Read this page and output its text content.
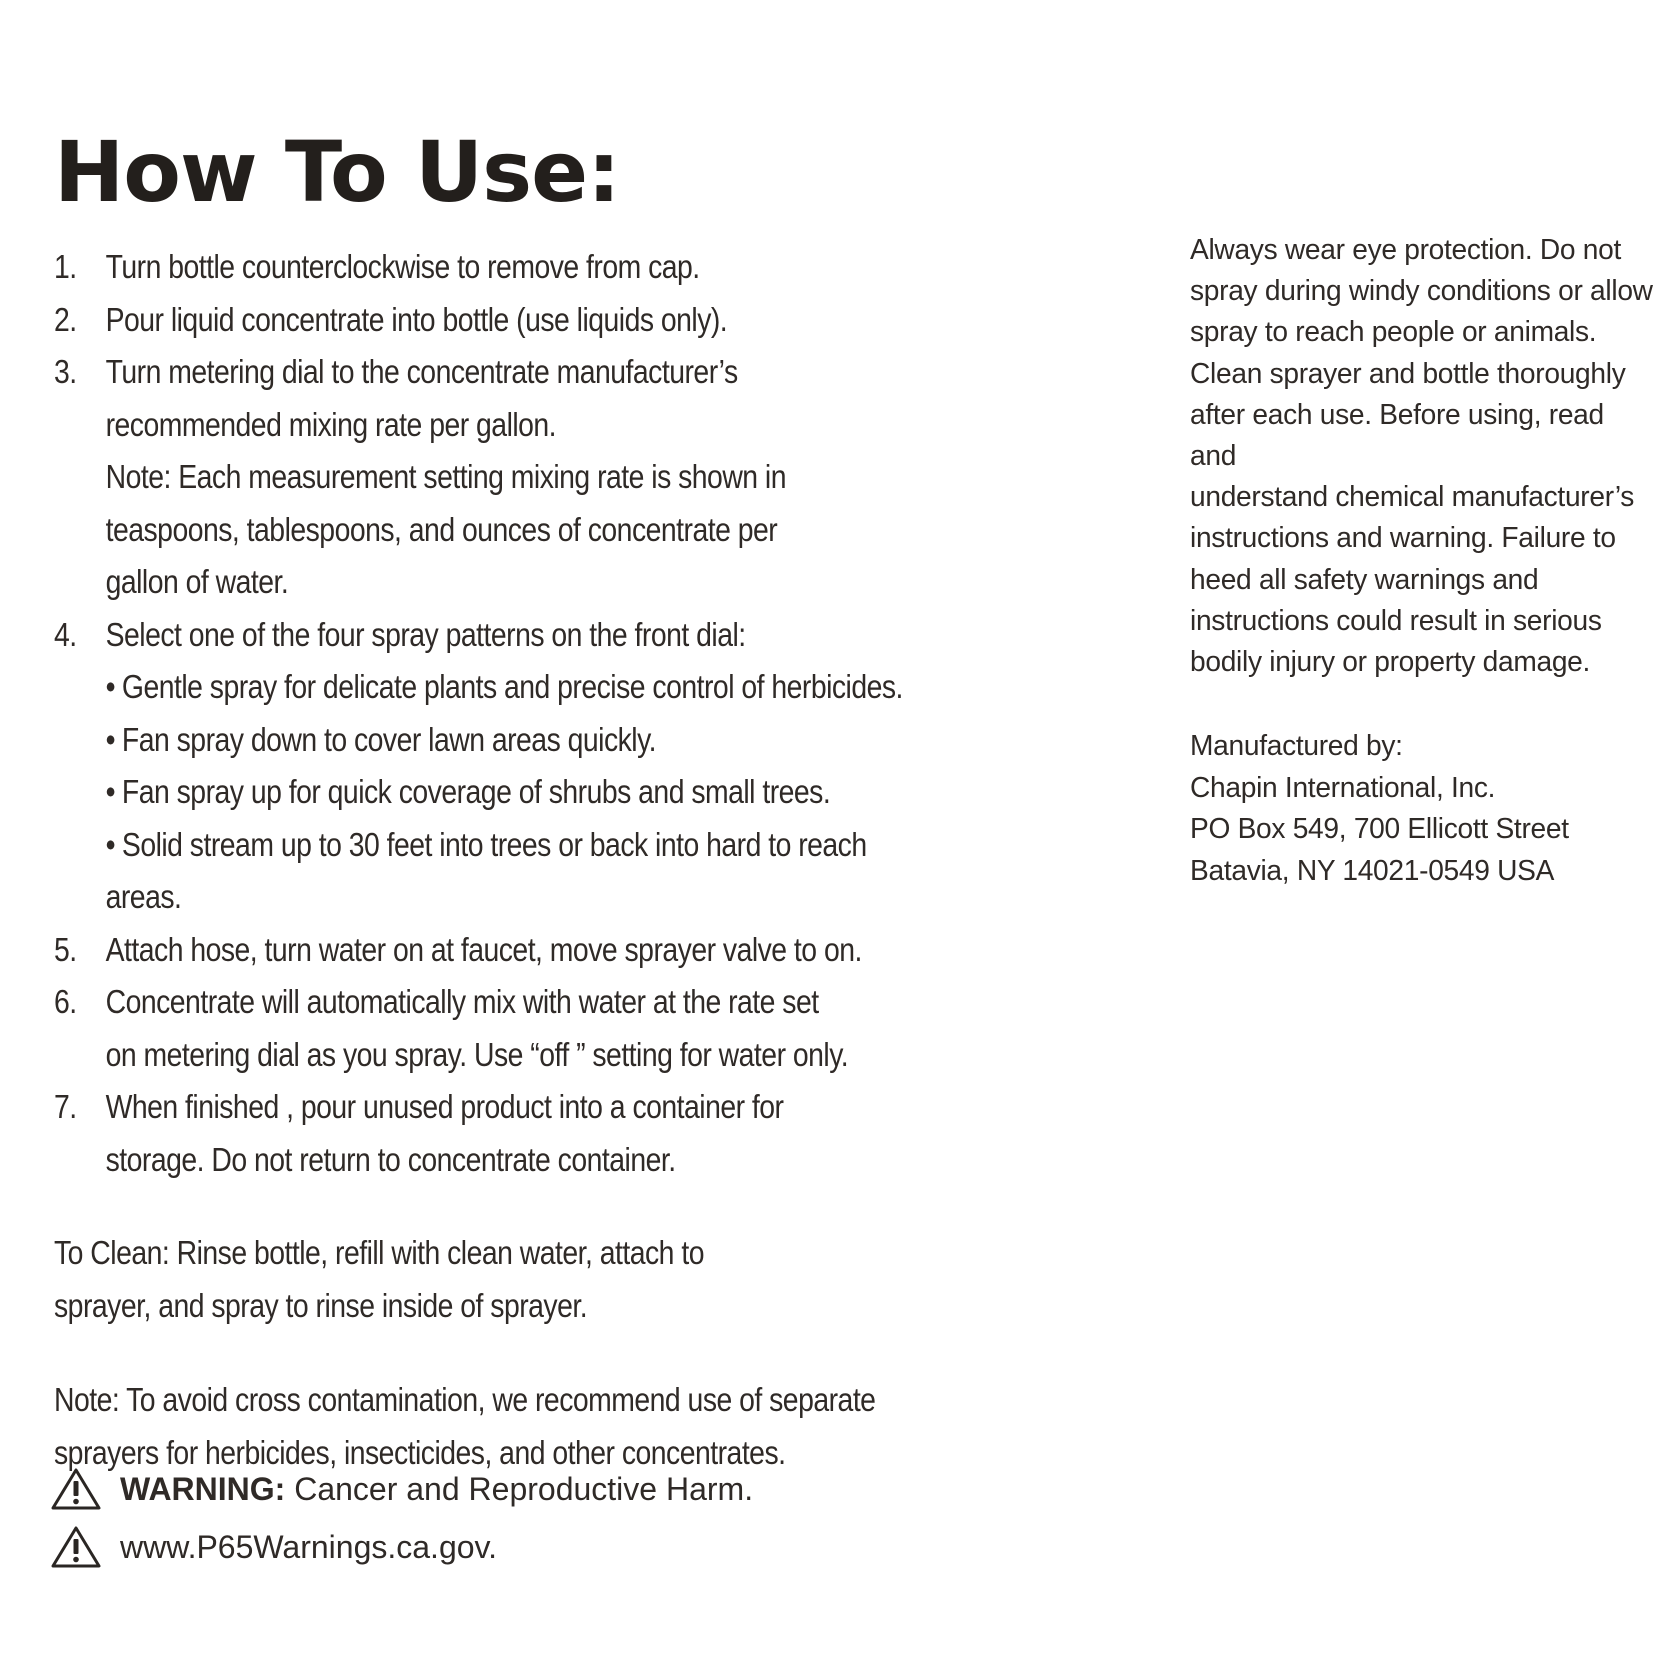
How To Use:
1. Turn bottle counterclockwise to remove from cap.

2. Pour liquid concentrate into bottle (use liquids only).

3. Turn metering dial to the concentrate manufacturer’s

recommended mixing rate per gallon.

Note: Each measurement setting mixing rate is shown in

teaspoons, tablespoons, and ounces of concentrate per

gallon of water.

4. Select one of the four spray patterns on the front dial:

• Gentle spray for delicate plants and precise control of herbicides.
• Fan spray down to cover lawn areas quickly.
• Fan spray up for quick coverage of shrubs and small trees.
• Solid stream up to 30 feet into trees or back into hard to reach areas.
5. Attach hose, turn water on at faucet, move sprayer valve to on.

6. Concentrate will automatically mix with water at the rate set

on metering dial as you spray. Use “off ” setting for water only.

7. When finished , pour unused product into a container for

storage. Do not return to concentrate container.

To Clean: Rinse bottle, refill with clean water, attach to
sprayer, and spray to rinse inside of sprayer.
Note: To avoid cross contamination, we recommend use of separate
sprayers for herbicides, insecticides, and other concentrates.
WARNING: Cancer and Reproductive Harm.
www.P65Warnings.ca.gov.

Always wear eye protection. Do not

spray during windy conditions or allow

spray to reach people or animals.

Clean sprayer and bottle thoroughly

after each use. Before using, read and

understand chemical manufacturer’s

instructions and warning. Failure to

heed all safety warnings and

instructions could result in serious

bodily injury or property damage.

Manufactured by:
Chapin International, Inc.
PO Box 549, 700 Ellicott Street
Batavia, NY 14021-0549 USA
